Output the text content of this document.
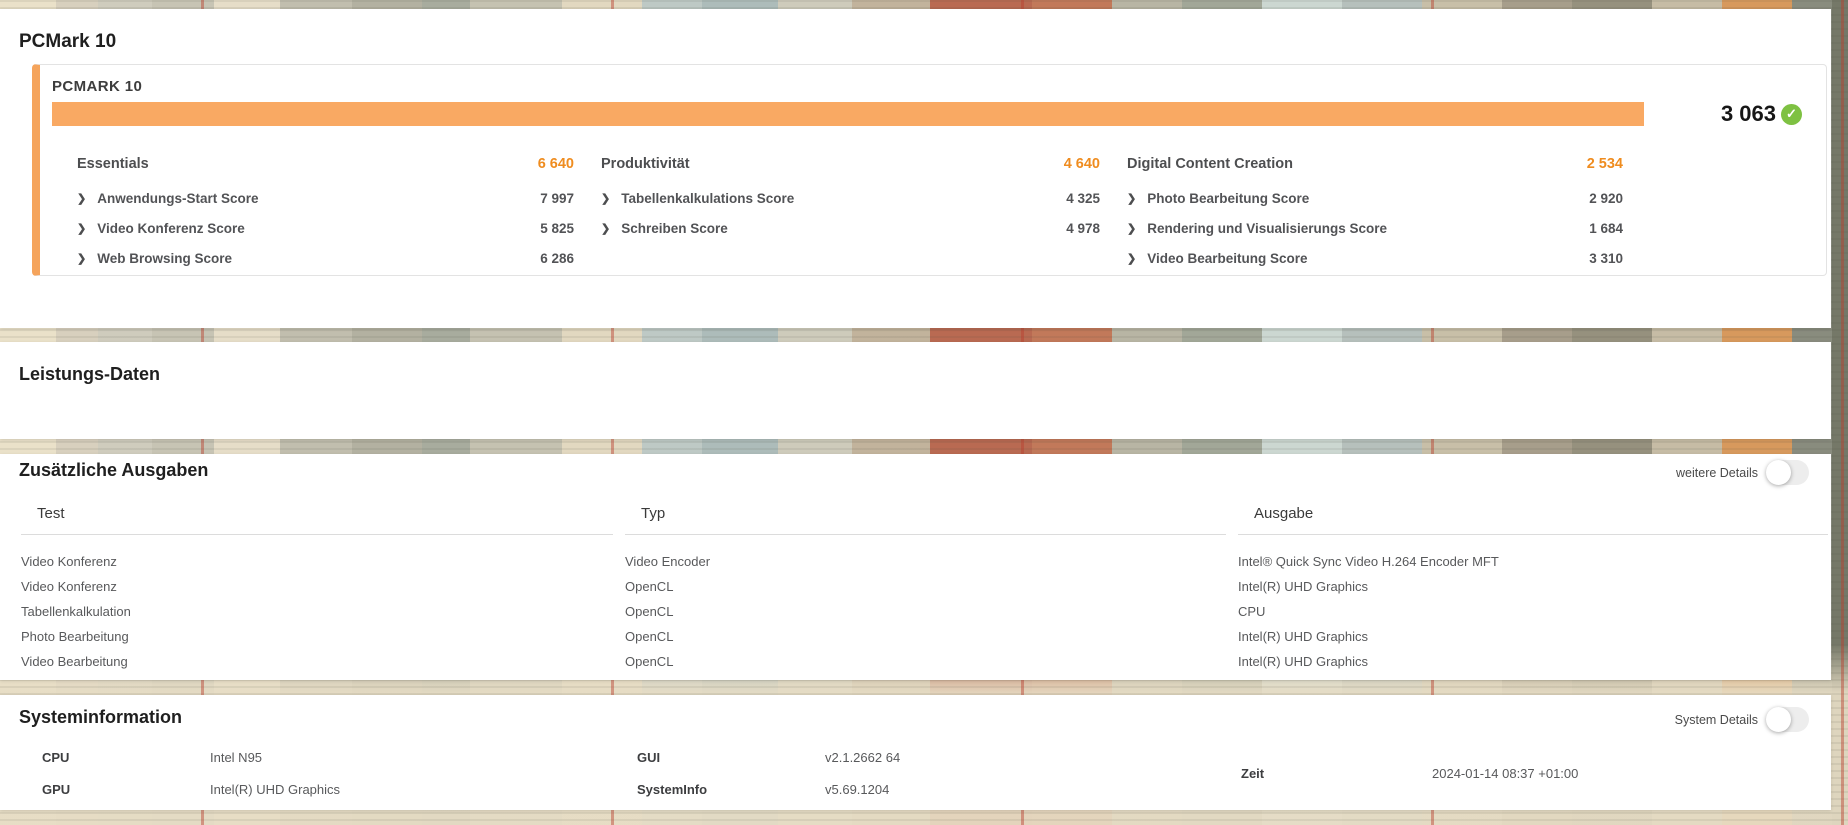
PCMark 10
PCMARK 10
3 063 ✓
Essentials	6 640
❯ Anwendungs-Start Score	7 997
❯ Video Konferenz Score	5 825
❯ Web Browsing Score	6 286
Produktivität	4 640
❯ Tabellenkalkulations Score	4 325
❯ Schreiben Score	4 978
Digital Content Creation	2 534
❯ Photo Bearbeitung Score	2 920
❯ Rendering und Visualisierungs Score	1 684
❯ Video Bearbeitung Score	3 310
Leistungs-Daten
Zusätzliche Ausgaben	weitere Details
Test	Typ	Ausgabe
Video Konferenz	Video Encoder	Intel® Quick Sync Video H.264 Encoder MFT
Video Konferenz	OpenCL	Intel(R) UHD Graphics
Tabellenkalkulation	OpenCL	CPU
Photo Bearbeitung	OpenCL	Intel(R) UHD Graphics
Video Bearbeitung	OpenCL	Intel(R) UHD Graphics
Systeminformation	System Details
CPU	Intel N95
GPU	Intel(R) UHD Graphics
GUI	v2.1.2662 64
SystemInfo	v5.69.1204
Zeit	2024-01-14 08:37 +01:00
